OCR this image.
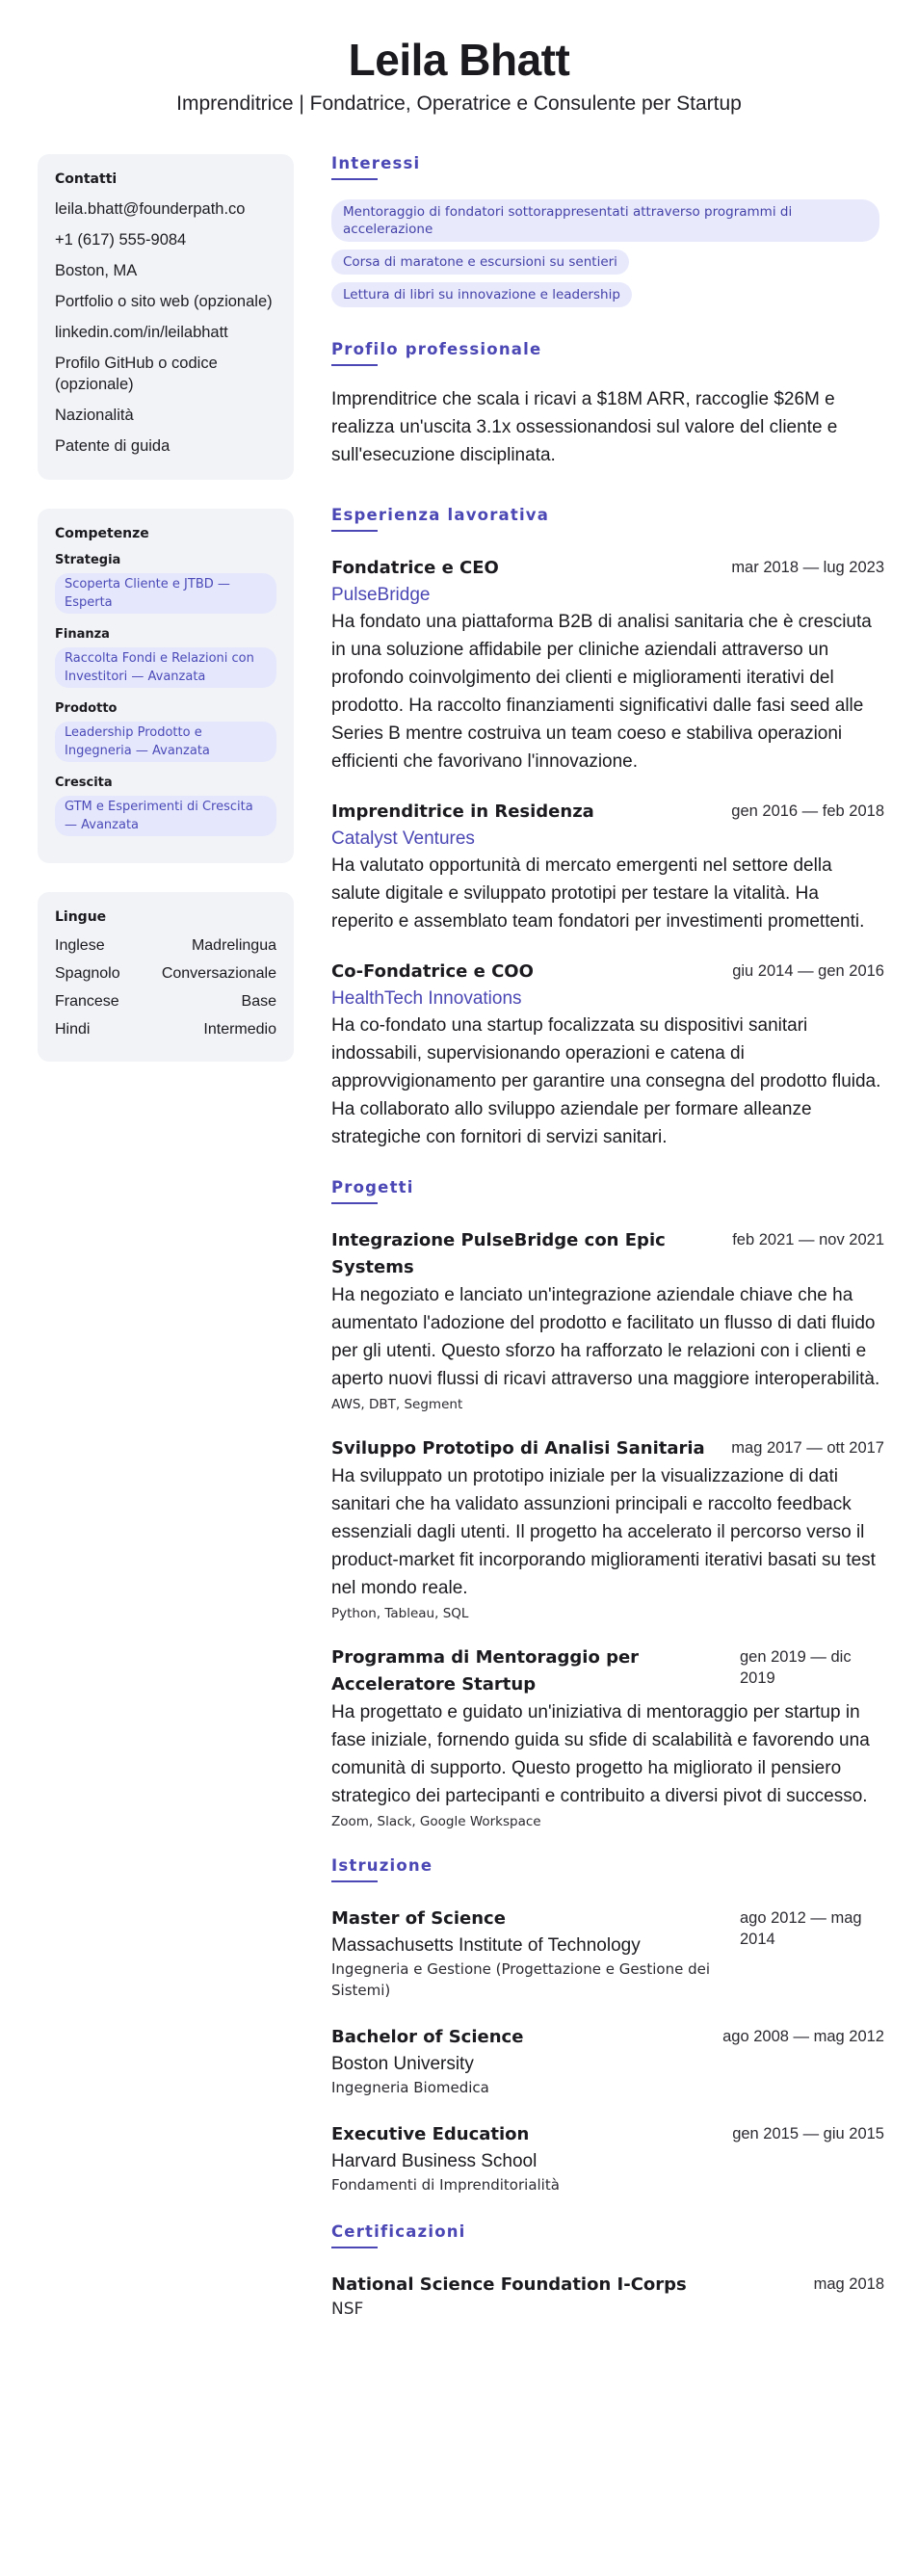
Leila Bhatt
Imprenditrice | Fondatrice, Operatrice e Consulente per Startup
Contatti
leila.bhatt@founderpath.co
+1 (617) 555-9084
Boston, MA
Portfolio o sito web (opzionale)
linkedin.com/in/leilabhatt
Profilo GitHub o codice (opzionale)
Nazionalità
Patente di guida
Competenze
Strategia
Scoperta Cliente e JTBD — Esperta
Finanza
Raccolta Fondi e Relazioni con Investitori — Avanzata
Prodotto
Leadership Prodotto e Ingegneria — Avanzata
Crescita
GTM e Esperimenti di Crescita — Avanzata
Lingue
Inglese	Madrelingua
Spagnolo	Conversazionale
Francese	Base
Hindi	Intermedio
Interessi
Mentoraggio di fondatori sottorappresentati attraverso programmi di accelerazione
Corsa di maratone e escursioni su sentieri
Lettura di libri su innovazione e leadership
Profilo professionale
Imprenditrice che scala i ricavi a $18M ARR, raccoglie $26M e realizza un'uscita 3.1x ossessionandosi sul valore del cliente e sull'esecuzione disciplinata.
Esperienza lavorativa
Fondatrice e CEO	mar 2018 — lug 2023
PulseBridge
Ha fondato una piattaforma B2B di analisi sanitaria che è cresciuta in una soluzione affidabile per cliniche aziendali attraverso un profondo coinvolgimento dei clienti e miglioramenti iterativi del prodotto. Ha raccolto finanziamenti significativi dalle fasi seed alle Series B mentre costruiva un team coeso e stabiliva operazioni efficienti che favorivano l'innovazione.
Imprenditrice in Residenza	gen 2016 — feb 2018
Catalyst Ventures
Ha valutato opportunità di mercato emergenti nel settore della salute digitale e sviluppato prototipi per testare la vitalità. Ha reperito e assemblato team fondatori per investimenti promettenti.
Co-Fondatrice e COO	giu 2014 — gen 2016
HealthTech Innovations
Ha co-fondato una startup focalizzata su dispositivi sanitari indossabili, supervisionando operazioni e catena di approvvigionamento per garantire una consegna del prodotto fluida. Ha collaborato allo sviluppo aziendale per formare alleanze strategiche con fornitori di servizi sanitari.
Progetti
Integrazione PulseBridge con Epic Systems
feb 2021 — nov 2021
Ha negoziato e lanciato un'integrazione aziendale chiave che ha aumentato l'adozione del prodotto e facilitato un flusso di dati fluido per gli utenti. Questo sforzo ha rafforzato le relazioni con i clienti e aperto nuovi flussi di ricavi attraverso una maggiore interoperabilità.
AWS, DBT, Segment
Sviluppo Prototipo di Analisi Sanitaria mag 2017 — ott 2017
Ha sviluppato un prototipo iniziale per la visualizzazione di dati sanitari che ha validato assunzioni principali e raccolto feedback essenziali dagli utenti. Il progetto ha accelerato il percorso verso il product-market fit incorporando miglioramenti iterativi basati su test nel mondo reale.
Python, Tableau, SQL
Programma di Mentoraggio per Acceleratore Startup
gen 2019 — dic 2019
Ha progettato e guidato un'iniziativa di mentoraggio per startup in fase iniziale, fornendo guida su sfide di scalabilità e favorendo una comunità di supporto. Questo progetto ha migliorato il pensiero strategico dei partecipanti e contribuito a diversi pivot di successo.
Zoom, Slack, Google Workspace
Istruzione
Master of Science
Massachusetts Institute of Technology
Ingegneria e Gestione (Progettazione e Gestione dei Sistemi)
ago 2012 — mag 2014
Bachelor of Science
Boston University
Ingegneria Biomedica
ago 2008 — mag 2012
Executive Education
Harvard Business School
Fondamenti di Imprenditorialità
gen 2015 — giu 2015
Certificazioni
National Science Foundation I-Corps
NSF
mag 2018
